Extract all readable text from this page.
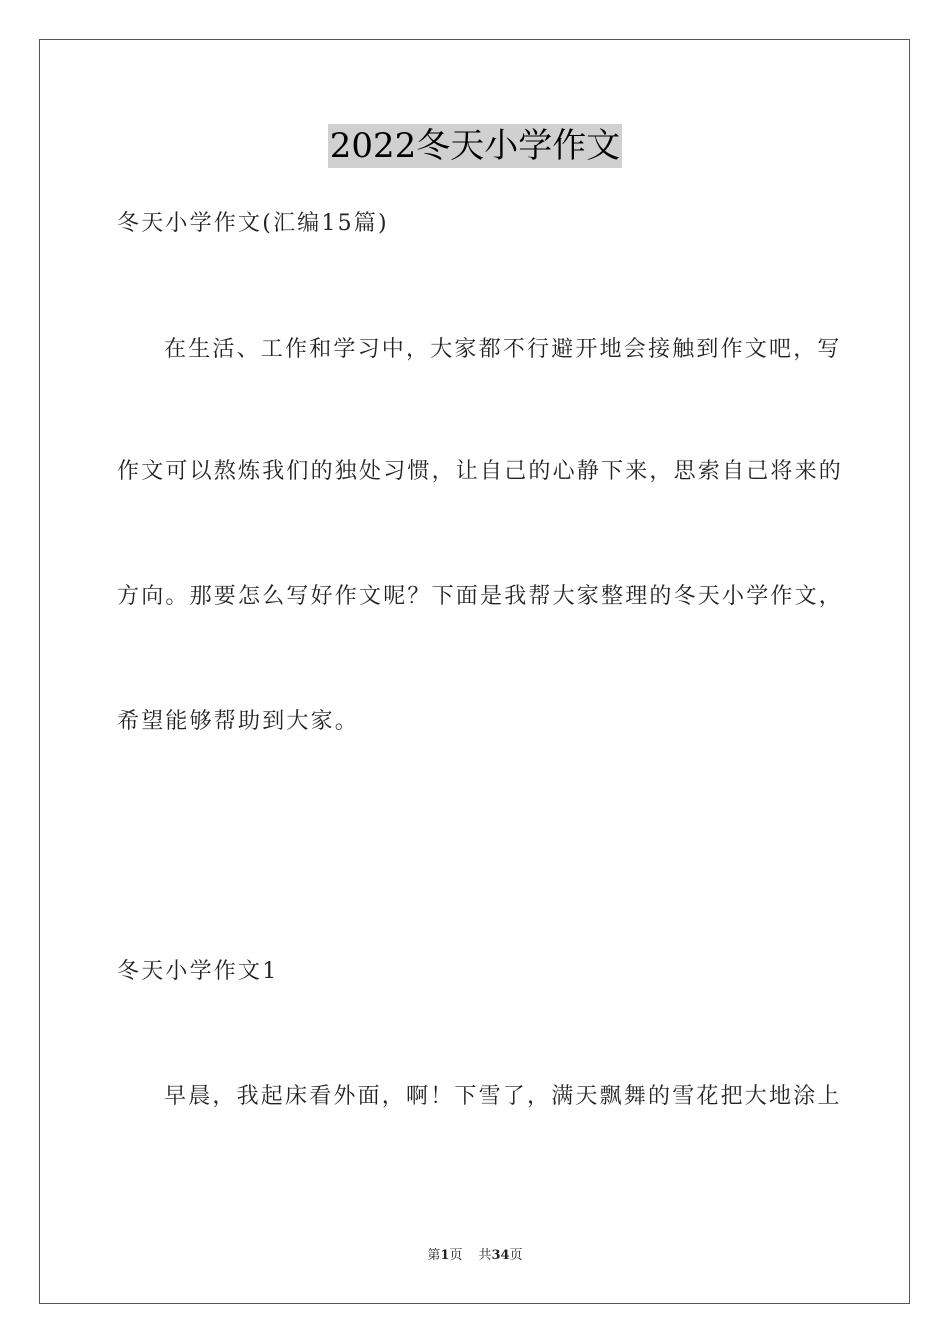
2022冬天小学作文
冬天小学作文(汇编15篇)
在生活、工作和学习中，大家都不行避开地会接触到作文吧，写
作文可以熬炼我们的独处习惯，让自己的心静下来，思索自己将来的
方向。那要怎么写好作文呢？下面是我帮大家整理的冬天小学作文，
希望能够帮助到大家。
冬天小学作文1
早晨，我起床看外面，啊！下雪了，满天飘舞的雪花把大地涂上
第1页 共34页
